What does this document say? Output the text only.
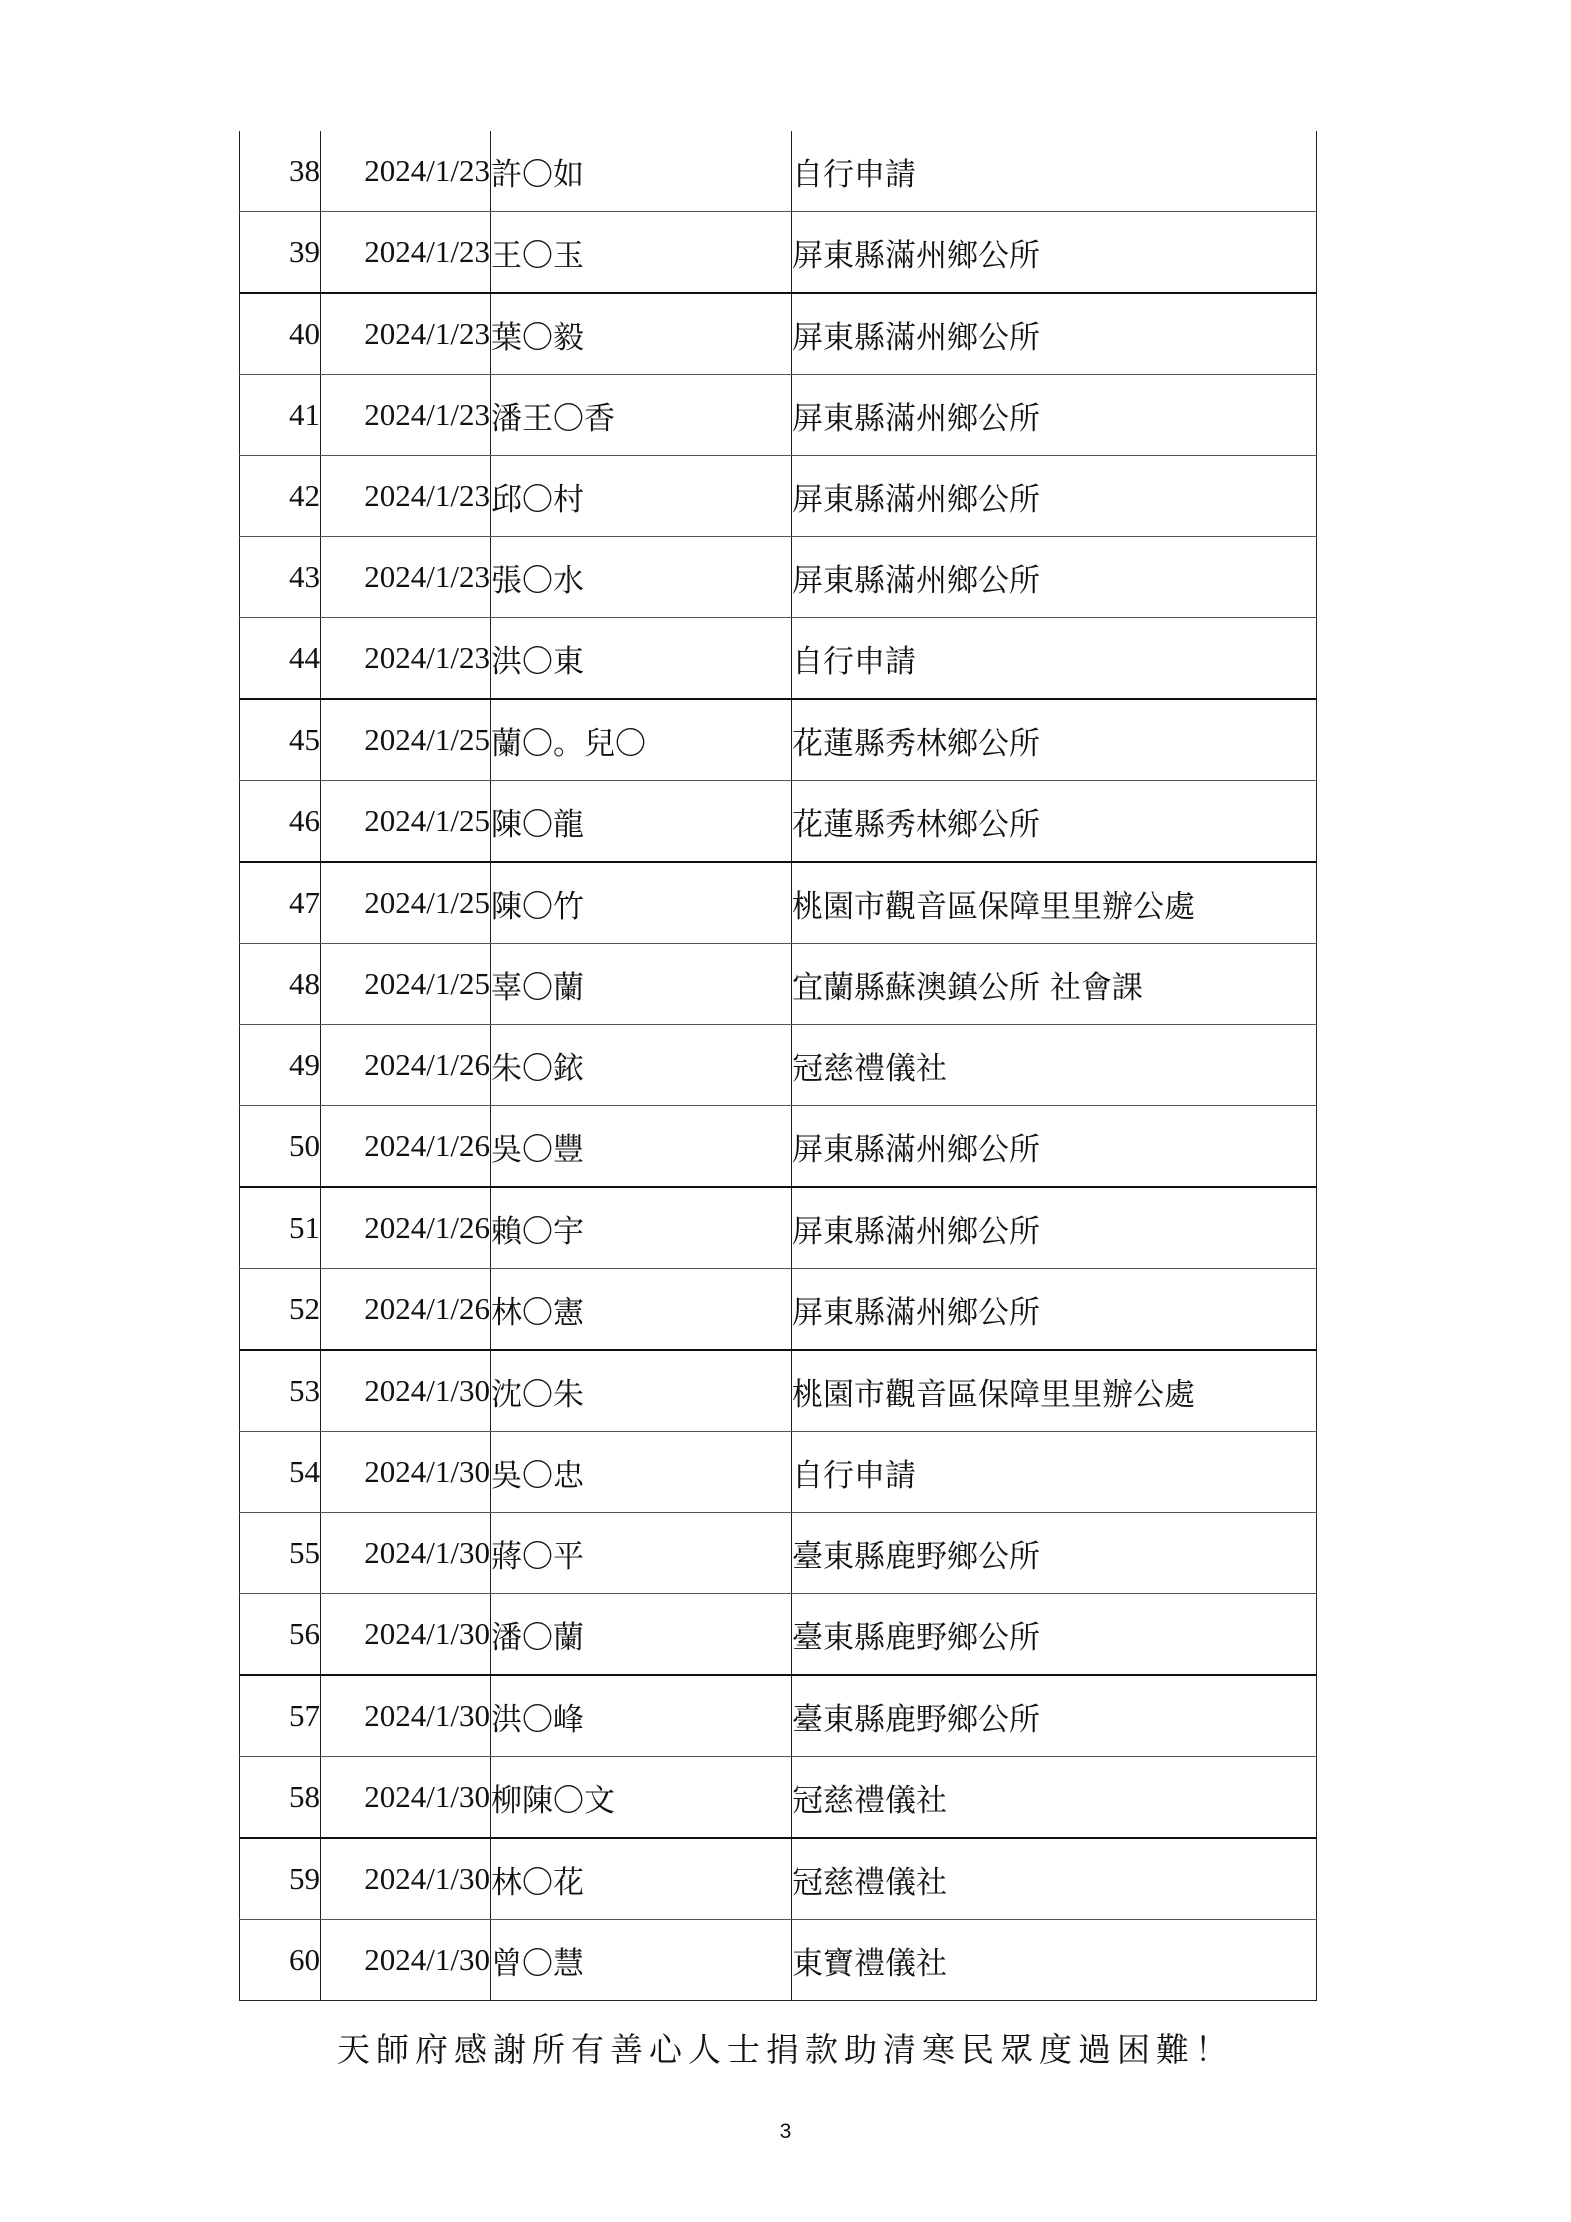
38	2024/1/23	許〇如	自行申請
39	2024/1/23	王〇玉	屏東縣滿州鄉公所
40	2024/1/23	葉〇毅	屏東縣滿州鄉公所
41	2024/1/23	潘王〇香	屏東縣滿州鄉公所
42	2024/1/23	邱〇村	屏東縣滿州鄉公所
43	2024/1/23	張〇水	屏東縣滿州鄉公所
44	2024/1/23	洪〇東	自行申請
45	2024/1/25	蘭〇。兒〇	花蓮縣秀林鄉公所
46	2024/1/25	陳〇龍	花蓮縣秀林鄉公所
47	2024/1/25	陳〇竹	桃園市觀音區保障里里辦公處
48	2024/1/25	辜〇蘭	宜蘭縣蘇澳鎮公所 社會課
49	2024/1/26	朱〇銥	冠慈禮儀社
50	2024/1/26	吳〇豐	屏東縣滿州鄉公所
51	2024/1/26	賴〇宇	屏東縣滿州鄉公所
52	2024/1/26	林〇憲	屏東縣滿州鄉公所
53	2024/1/30	沈〇朱	桃園市觀音區保障里里辦公處
54	2024/1/30	吳〇忠	自行申請
55	2024/1/30	蔣〇平	臺東縣鹿野鄉公所
56	2024/1/30	潘〇蘭	臺東縣鹿野鄉公所
57	2024/1/30	洪〇峰	臺東縣鹿野鄉公所
58	2024/1/30	柳陳〇文	冠慈禮儀社
59	2024/1/30	林〇花	冠慈禮儀社
60	2024/1/30	曾〇慧	東寶禮儀社
天師府感謝所有善心人士捐款助清寒民眾度過困難！
3
